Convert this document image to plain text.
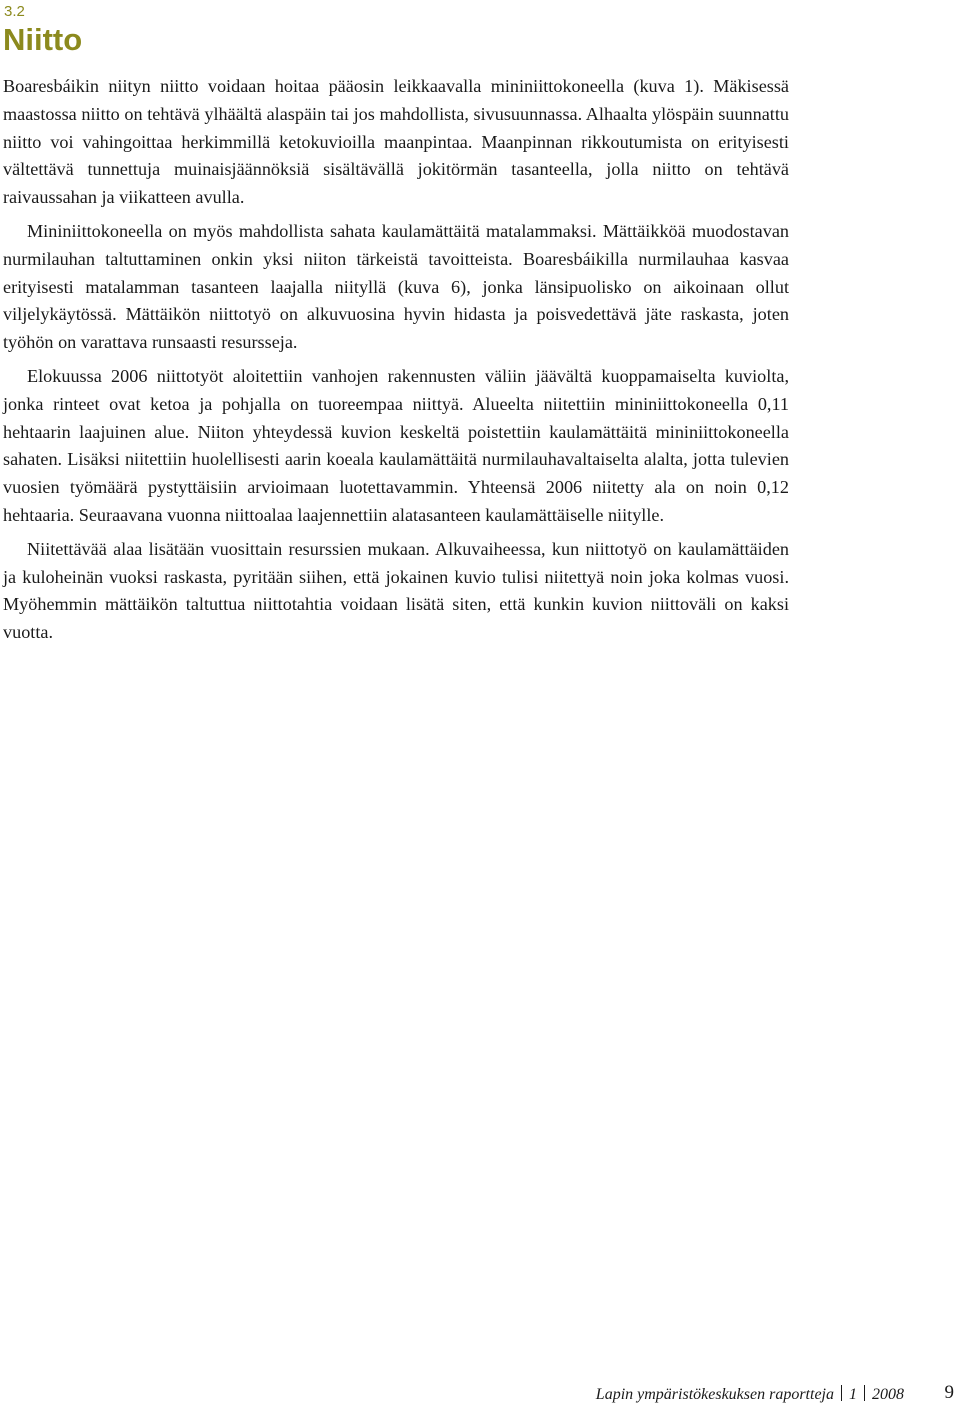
3.2
Niitto

Boaresbáikin niityn niitto voidaan hoitaa pääosin leikkaavalla mininiittokoneella (kuva 1). Mäkisessä maastossa niitto on tehtävä ylhäältä alaspäin tai jos mahdollista, sivusuunnassa. Alhaalta ylöspäin suunnattu niitto voi vahingoittaa herkimmillä ketokuvioilla maanpintaa. Maanpinnan rikkoutumista on erityisesti vältettävä tunnettuja muinaisjäännöksiä sisältävällä jokitörmän tasanteella, jolla niitto on tehtävä raivaussahan ja viikatteen avulla.

Mininiittokoneella on myös mahdollista sahata kaulamättäitä matalammaksi. Mättäikköä muodostavan nurmilauhan taltuttaminen onkin yksi niiton tärkeistä tavoitteista. Boaresbáikilla nurmilauhaa kasvaa erityisesti matalamman tasanteen laajalla niityllä (kuva 6), jonka länsipuolisko on aikoinaan ollut viljelykäytössä. Mättäikön niittotyö on alkuvuosina hyvin hidasta ja poisvedettävä jäte raskasta, joten työhön on varattava runsaasti resursseja.

Elokuussa 2006 niittotyöt aloitettiin vanhojen rakennusten väliin jäävältä kuoppamaiselta kuviolta, jonka rinteet ovat ketoa ja pohjalla on tuoreempaa niittyä. Alueelta niitettiin mininiittokoneella 0,11 hehtaarin laajuinen alue. Niiton yhteydessä kuvion keskeltä poistettiin kaulamättäitä mininiittokoneella sahaten. Lisäksi niitettiin huolellisesti aarin koeala kaulamättäitä nurmilauhavaltaiselta alalta, jotta tulevien vuosien työmäärä pystyttäisiin arvioimaan luotettavammin. Yhteensä 2006 niitetty ala on noin 0,12 hehtaaria. Seuraavana vuonna niittoalaa laajennettiin alatasanteen kaulamättäiselle niitylle.

Niitettävää alaa lisätään vuosittain resurssien mukaan. Alkuvaiheessa, kun niittotyö on kaulamättäiden ja kuloheinän vuoksi raskasta, pyritään siihen, että jokainen kuvio tulisi niitettyä noin joka kolmas vuosi. Myöhemmin mättäikön taltuttua niittotahtia voidaan lisätä siten, että kunkin kuvion niittoväli on kaksi vuotta.

Lapin ympäristökeskuksen raportteja 1 2008 9
